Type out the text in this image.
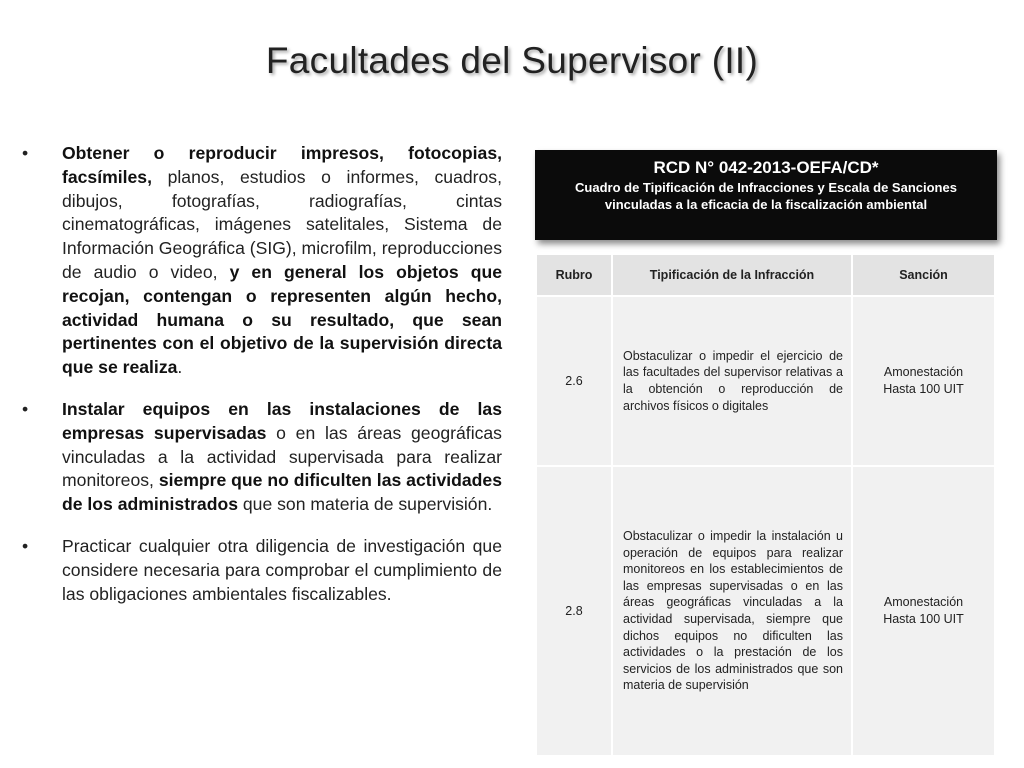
Facultades del Supervisor (II)
•	Obtener o reproducir impresos, fotocopias, facsímiles, planos, estudios o informes, cuadros, dibujos, fotografías, radiografías, cintas cinematográficas, imágenes satelitales, Sistema de Información Geográfica (SIG), microfilm, reproducciones de audio o video, y en general los objetos que recojan, contengan o representen algún hecho, actividad humana o su resultado, que sean pertinentes con el objetivo de la supervisión directa que se realiza.
•	Instalar equipos en las instalaciones de las empresas supervisadas o en las áreas geográficas vinculadas a la actividad supervisada para realizar monitoreos, siempre que no dificulten las actividades de los administrados que son materia de supervisión.
•	Practicar cualquier otra diligencia de investigación que considere necesaria para comprobar el cumplimiento de las obligaciones ambientales fiscalizables.
RCD N° 042-2013-OEFA/CD*
Cuadro de Tipificación de Infracciones y Escala de Sanciones vinculadas a la eficacia de la fiscalización ambiental
Rubro	Tipificación de la Infracción	Sanción
2.6	Obstaculizar o impedir el ejercicio de las facultades del supervisor relativas a la obtención o reproducción de archivos físicos o digitales	Amonestación
Hasta 100 UIT

2.8	Obstaculizar o impedir la instalación u operación de equipos para realizar monitoreos en los establecimientos de las empresas supervisadas o en las áreas geográficas vinculadas a la actividad supervisada, siempre que dichos equipos no dificulten las actividades o la prestación de los servicios de los administrados que son materia de supervisión	Amonestación
Hasta 100 UIT
